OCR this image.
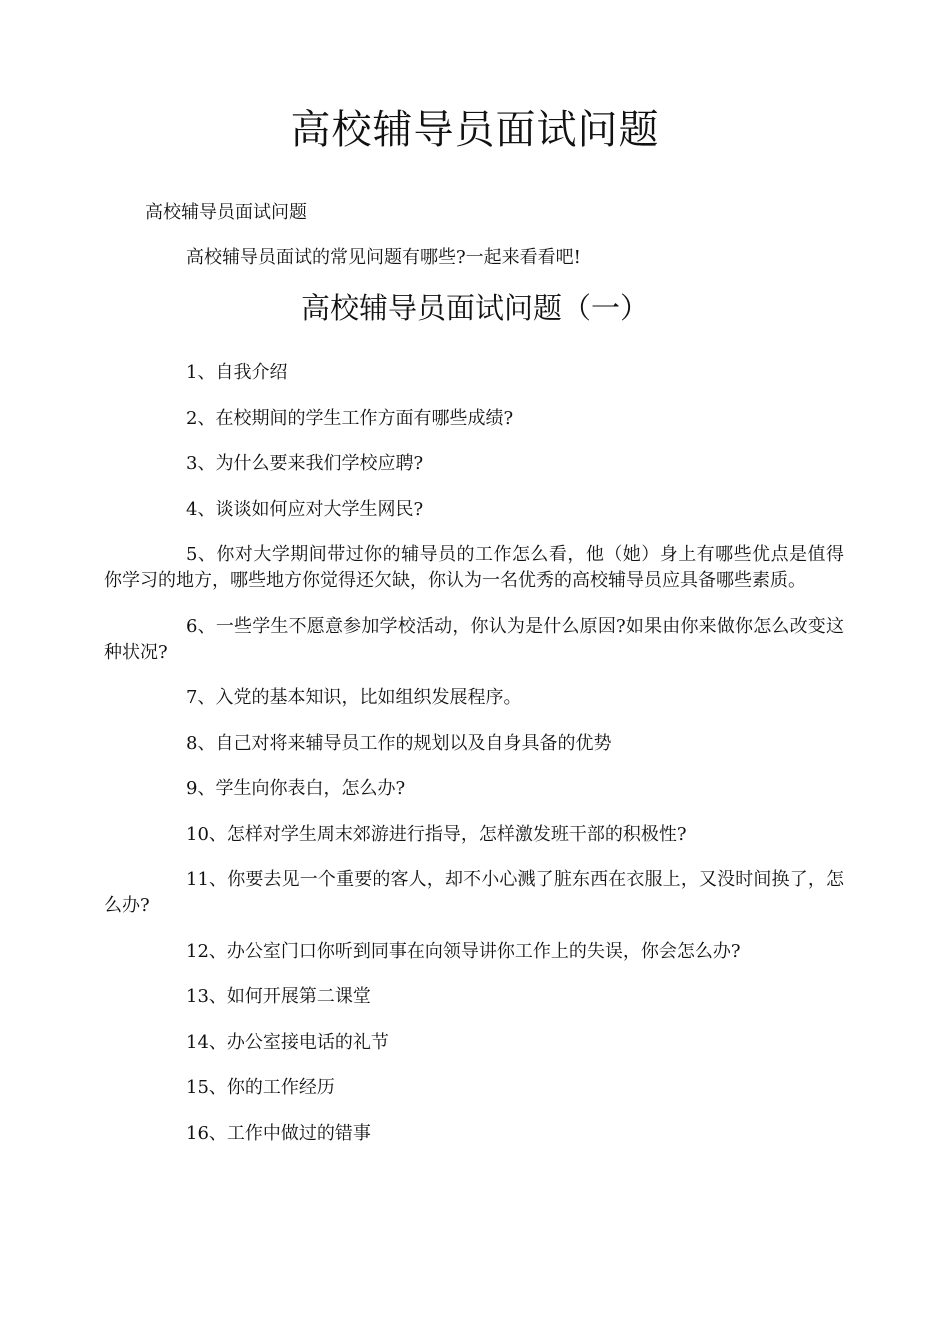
高校辅导员面试问题

高校辅导员面试问题

高校辅导员面试的常见问题有哪些?一起来看看吧!

高校辅导员面试问题（一）
1、自我介绍
2、在校期间的学生工作方面有哪些成绩?
3、为什么要来我们学校应聘?
4、谈谈如何应对大学生网民?
5、你对大学期间带过你的辅导员的工作怎么看，他（她）身上有哪些优点是值得你学习的地方，哪些地方你觉得还欠缺，你认为一名优秀的高校辅导员应具备哪些素质。
6、一些学生不愿意参加学校活动，你认为是什么原因?如果由你来做你怎么改变这种状况?
7、入党的基本知识，比如组织发展程序。
8、自己对将来辅导员工作的规划以及自身具备的优势
9、学生向你表白，怎么办?
10、怎样对学生周末郊游进行指导，怎样激发班干部的积极性?
11、你要去见一个重要的客人，却不小心溅了脏东西在衣服上，又没时间换了，怎么办?
12、办公室门口你听到同事在向领导讲你工作上的失误，你会怎么办?
13、如何开展第二课堂
14、办公室接电话的礼节
15、你的工作经历
16、工作中做过的错事
